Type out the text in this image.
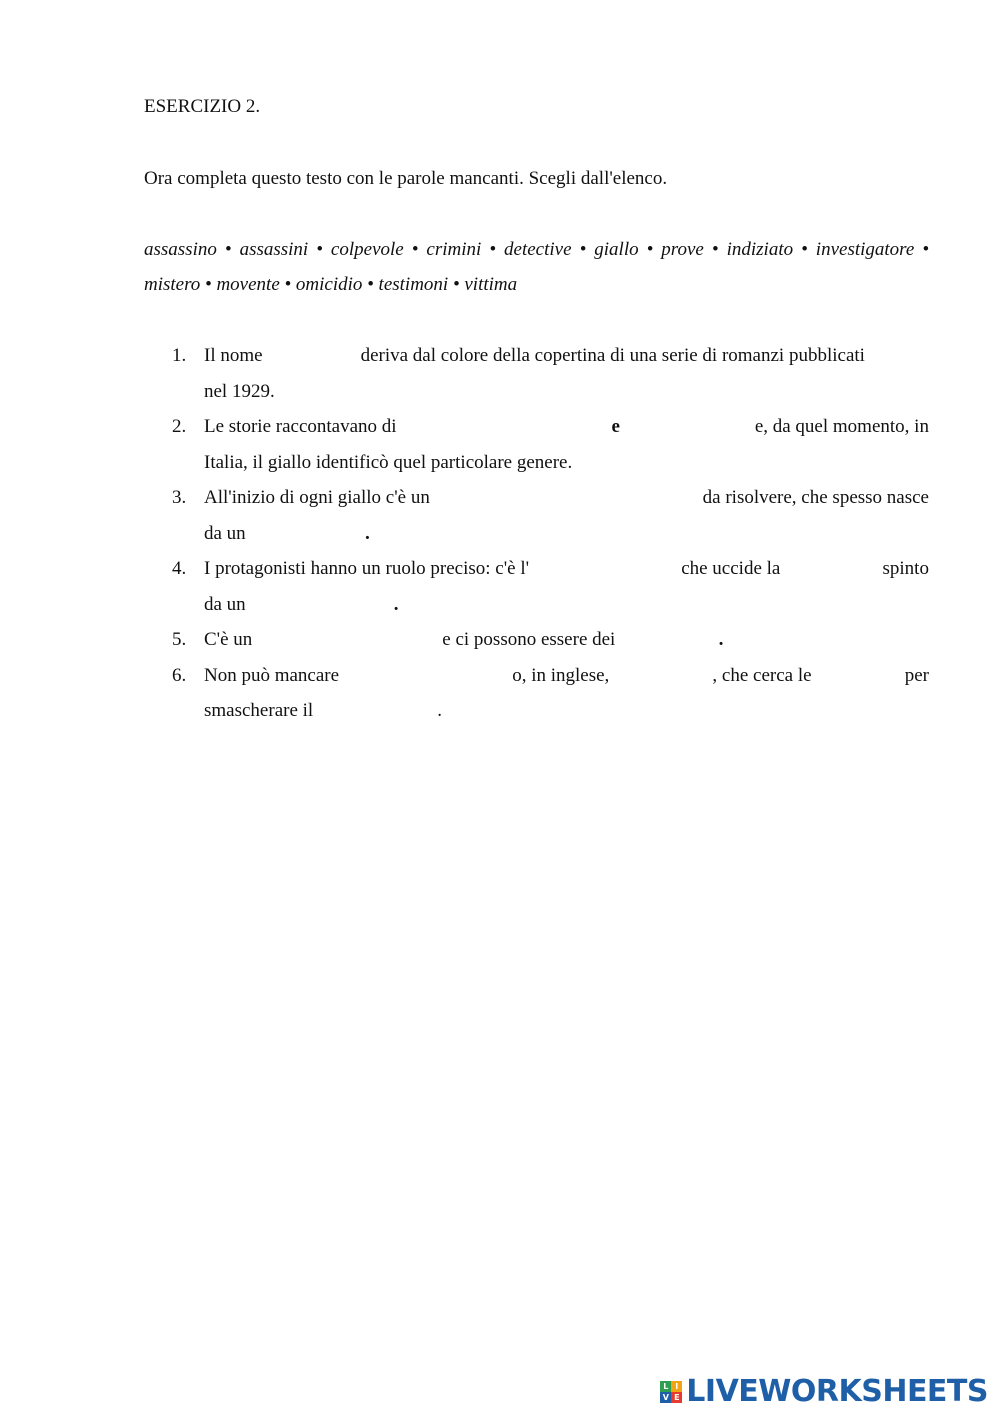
ESERCIZIO 2.
Ora completa questo testo con le parole mancanti. Scegli dall'elenco.
assassino • assassini • colpevole • crimini • detective • giallo • prove • indiziato • investigatore • mistero • movente • omicidio • testimoni • vittima
1. Il nome	deriva dal colore della copertina di una serie di romanzi pubblicati
nel 1929.
2. Le storie raccontavano di	e	e, da quel momento, in
Italia, il giallo identificò quel particolare genere.
3. All'inizio di ogni giallo c'è un	da risolvere, che spesso nasce
da un	.
4. I protagonisti hanno un ruolo preciso: c'è l'	che uccide la	spinto
da un	.
5. C'è un	e ci possono essere dei	.
6. Non può mancare	o, in inglese,	, che cerca le	per
smascherare il	.
L I
V E LIVEWORKSHEETS
